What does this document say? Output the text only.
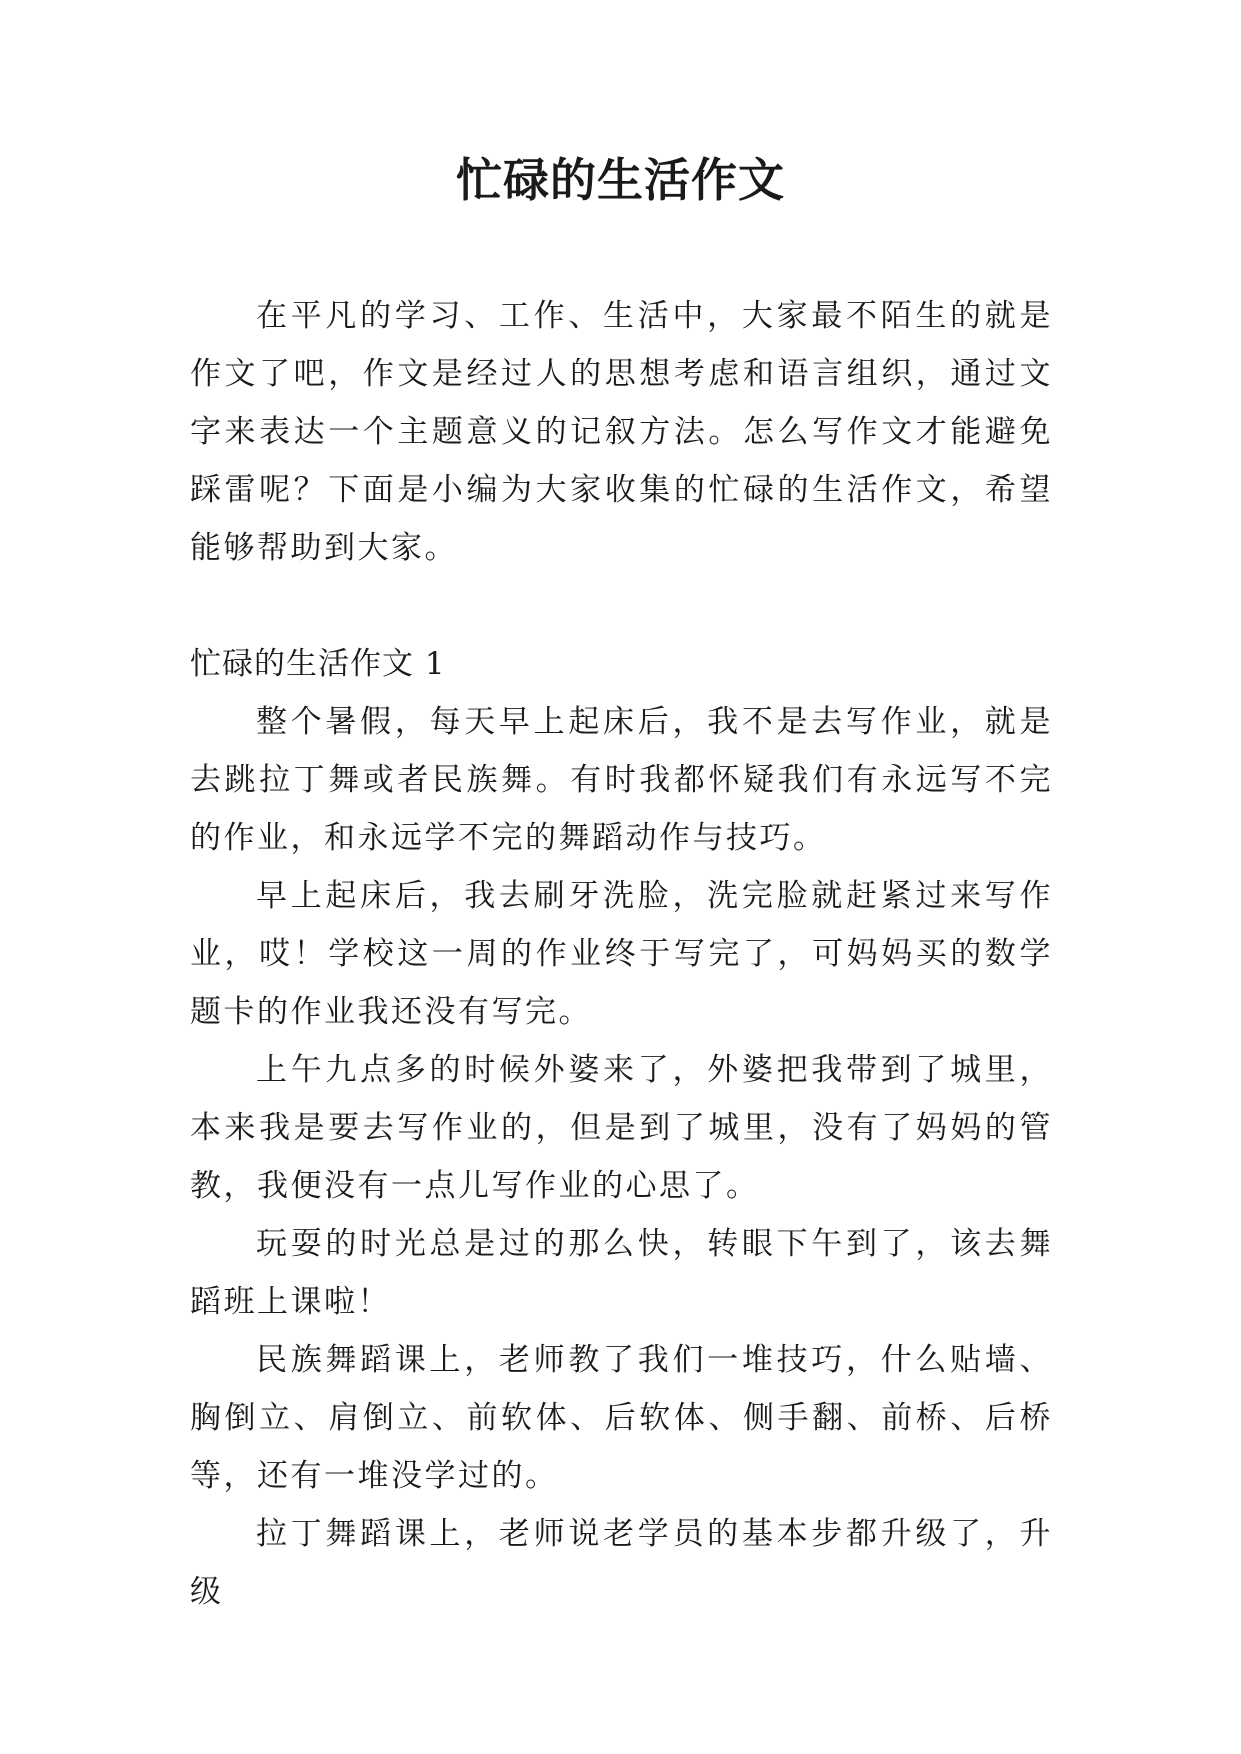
忙碌的生活作文

在平凡的学习、工作、生活中，大家最不陌生的就是作文了吧，作文是经过人的思想考虑和语言组织，通过文字来表达一个主题意义的记叙方法。怎么写作文才能避免踩雷呢？下面是小编为大家收集的忙碌的生活作文，希望能够帮助到大家。

忙碌的生活作文 1

整个暑假，每天早上起床后，我不是去写作业，就是去跳拉丁舞或者民族舞。有时我都怀疑我们有永远写不完的作业，和永远学不完的舞蹈动作与技巧。

早上起床后，我去刷牙洗脸，洗完脸就赶紧过来写作业，哎！学校这一周的作业终于写完了，可妈妈买的数学题卡的作业我还没有写完。

上午九点多的时候外婆来了，外婆把我带到了城里，本来我是要去写作业的，但是到了城里，没有了妈妈的管教，我便没有一点儿写作业的心思了。

玩耍的时光总是过的那么快，转眼下午到了，该去舞蹈班上课啦！

民族舞蹈课上，老师教了我们一堆技巧，什么贴墙、胸倒立、肩倒立、前软体、后软体、侧手翻、前桥、后桥等，还有一堆没学过的。

拉丁舞蹈课上，老师说老学员的基本步都升级了，升级
